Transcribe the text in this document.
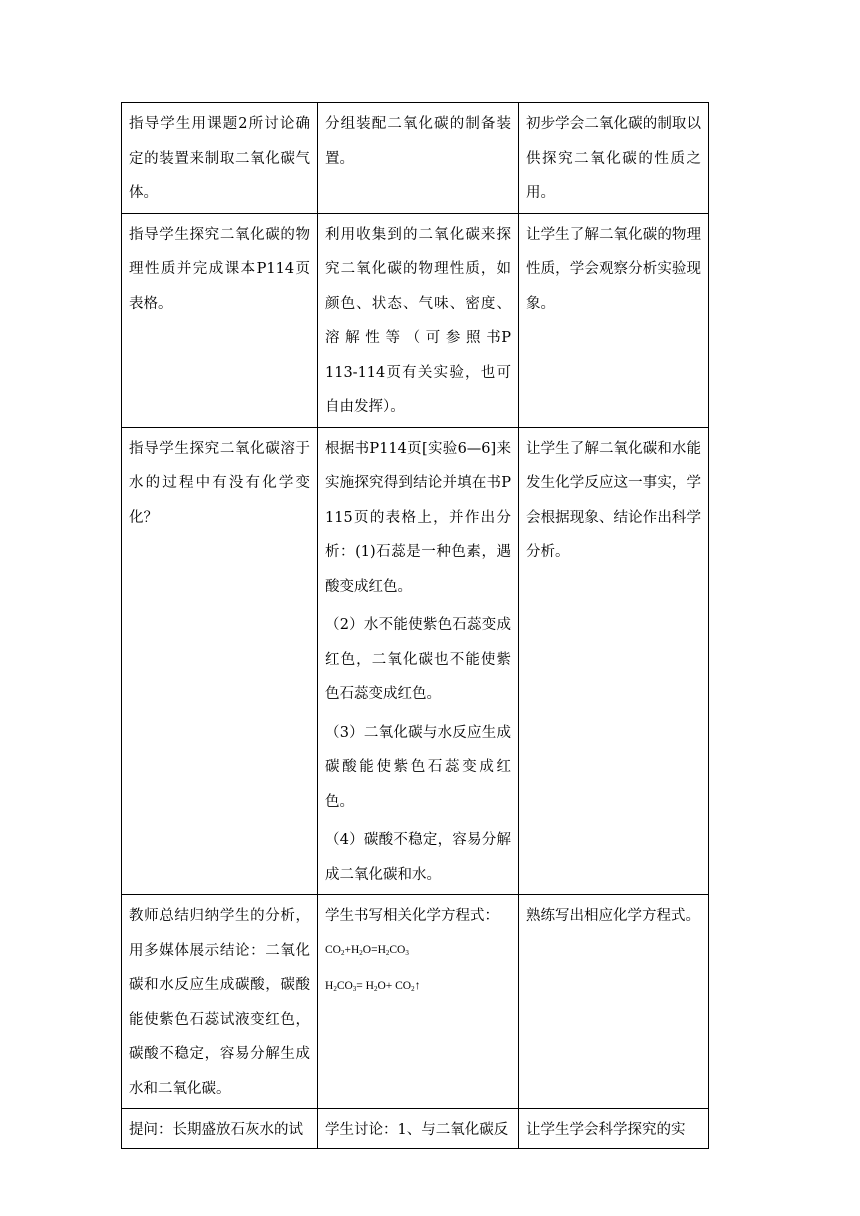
指导学生用课题2所讨论确定的装置来制取二氧化碳气体。	分组装配二氧化碳的制备装置。	初步学会二氧化碳的制取以供探究二氧化碳的性质之用。

指导学生探究二氧化碳的物理性质并完成课本P114页表格。	利用收集到的二氧化碳来探究二氧化碳的物理性质，如颜色、状态、气味、密度、溶 解 性 等 （ 可 参 照 书P113-114页有关实验，也可自由发挥）。	让学生了解二氧化碳的物理性质，学会观察分析实验现象。

指导学生探究二氧化碳溶于水的过程中有没有化学变化？	根据书P114页[实验6—6]来实施探究得到结论并填在书P115页的表格上，并作出分析：(1)石蕊是一种色素，遇酸变成红色。

（2）水不能使紫色石蕊变成红色，二氧化碳也不能使紫色石蕊变成红色。

（3）二氧化碳与水反应生成碳酸能使紫色石蕊变成红色。

（4）碳酸不稳定，容易分解成二氧化碳和水。	让学生了解二氧化碳和水能发生化学反应这一事实，学会根据现象、结论作出科学分析。

教师总结归纳学生的分析，用多媒体展示结论：二氧化碳和水反应生成碳酸，碳酸能使紫色石蕊试液变红色，碳酸不稳定，容易分解生成水和二氧化碳。	学生书写相关化学方程式：

$CO_2+H_2O=H_2CO_3$

$H_2CO_3= H_2O+$ $CO_2↑$	熟练写出相应化学方程式。

提问：长期盛放石灰水的试	学生讨论：1、与二氧化碳反	让学生学会科学探究的实
